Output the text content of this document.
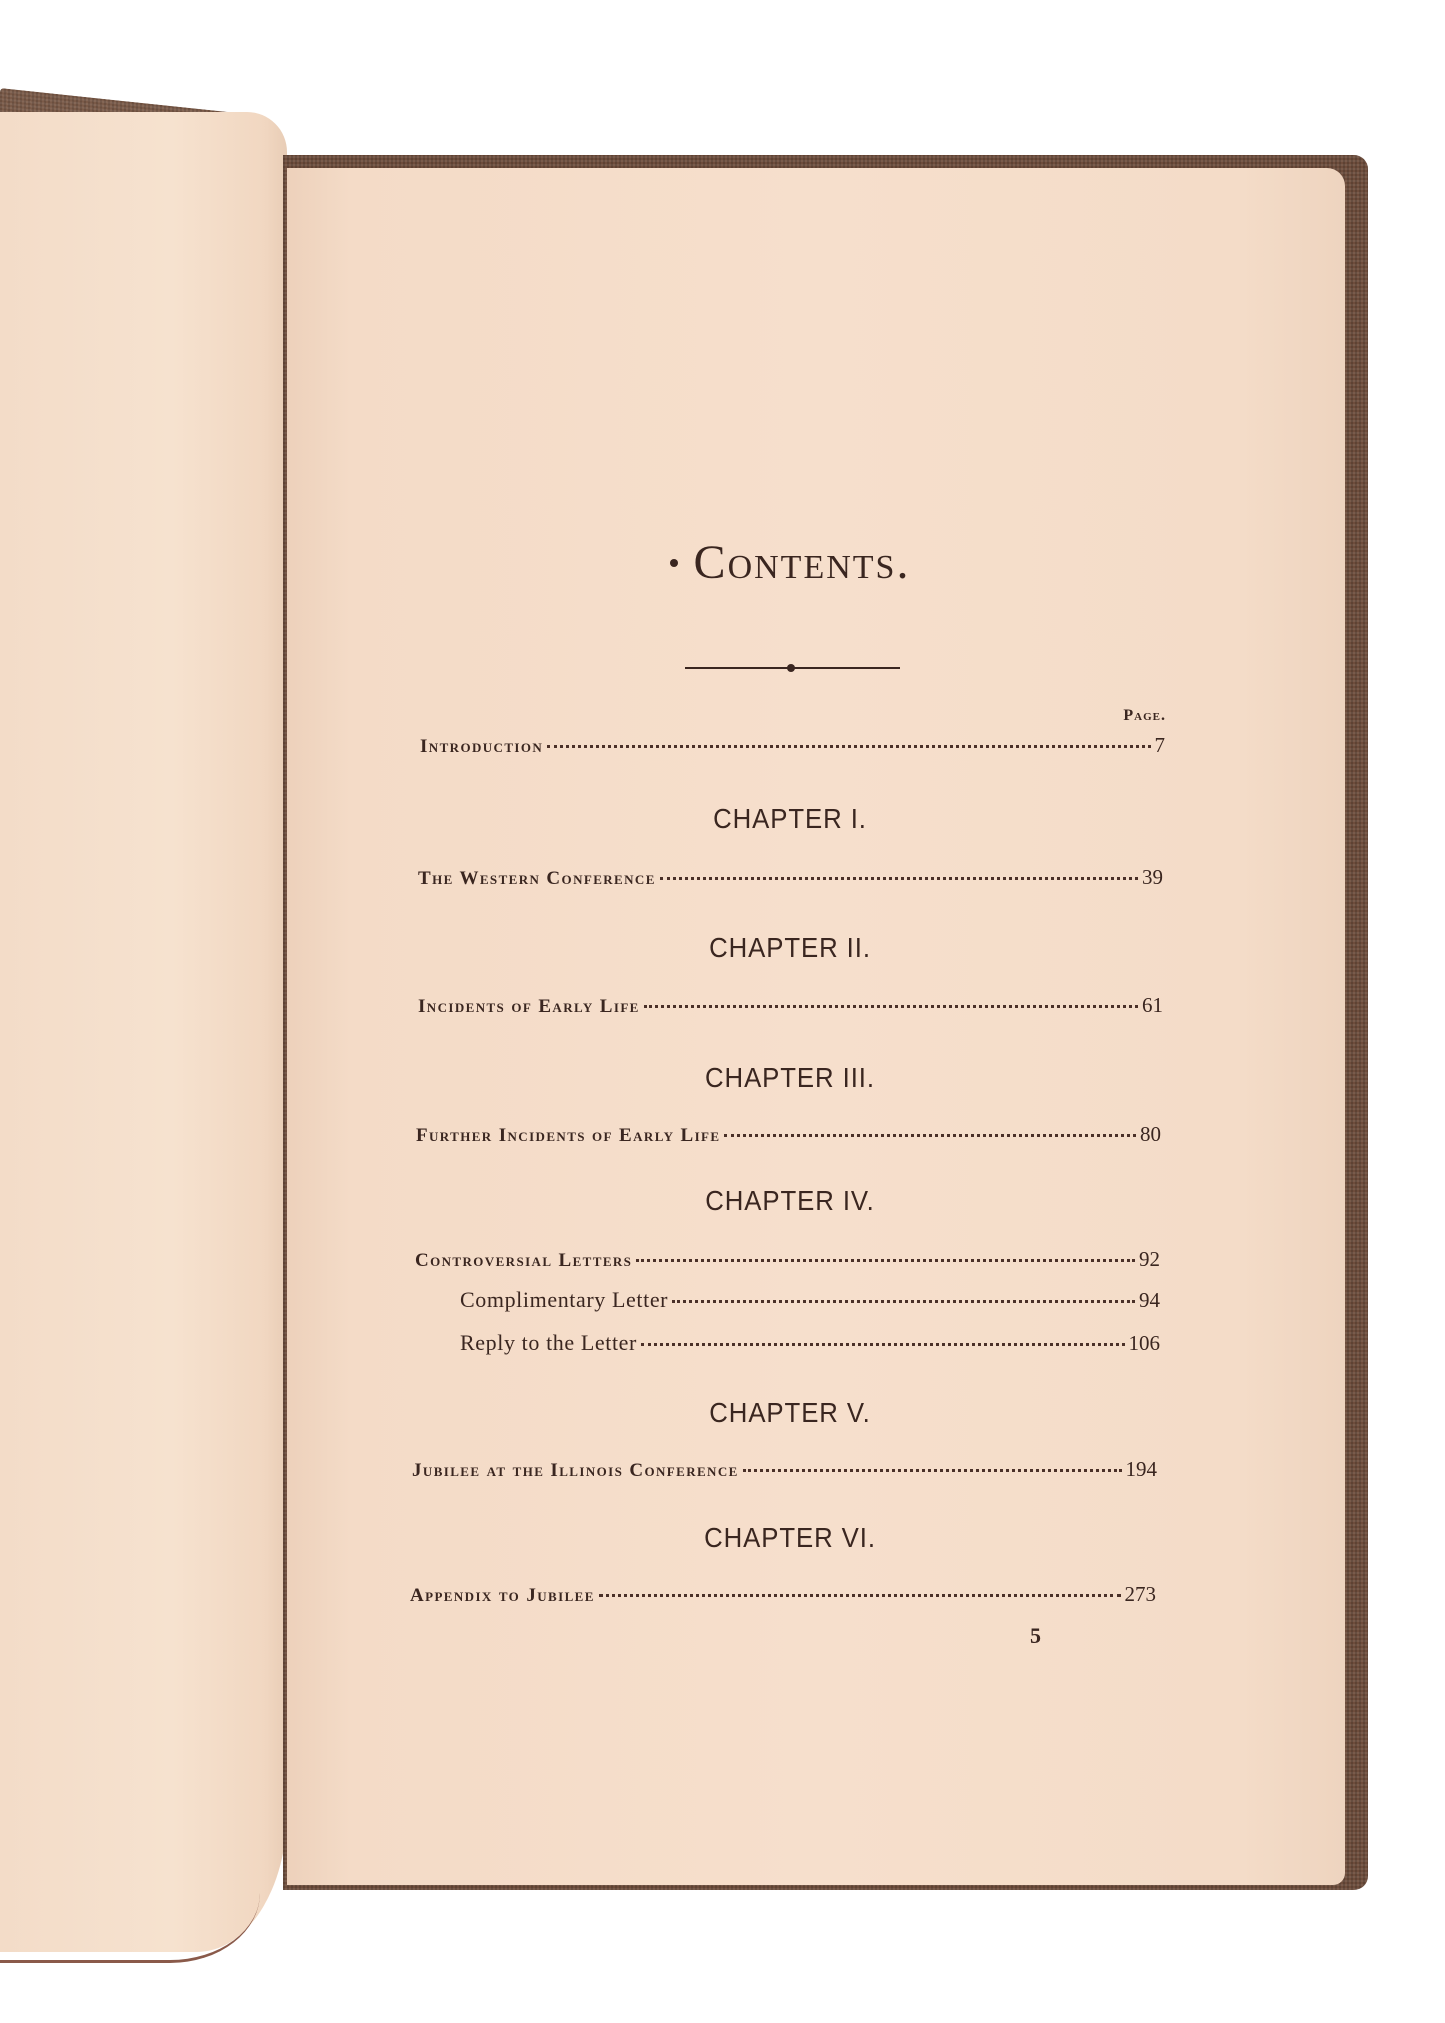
Contents.
Page.
Introduction	7
CHAPTER I.
The Western Conference	39
CHAPTER II.
Incidents of Early Life	61
CHAPTER III.
Further Incidents of Early Life	80
CHAPTER IV.
Controversial Letters	92
Complimentary Letter	94
Reply to the Letter	106
CHAPTER V.
Jubilee at the Illinois Conference	194
CHAPTER VI.
Appendix to Jubilee	273
5
